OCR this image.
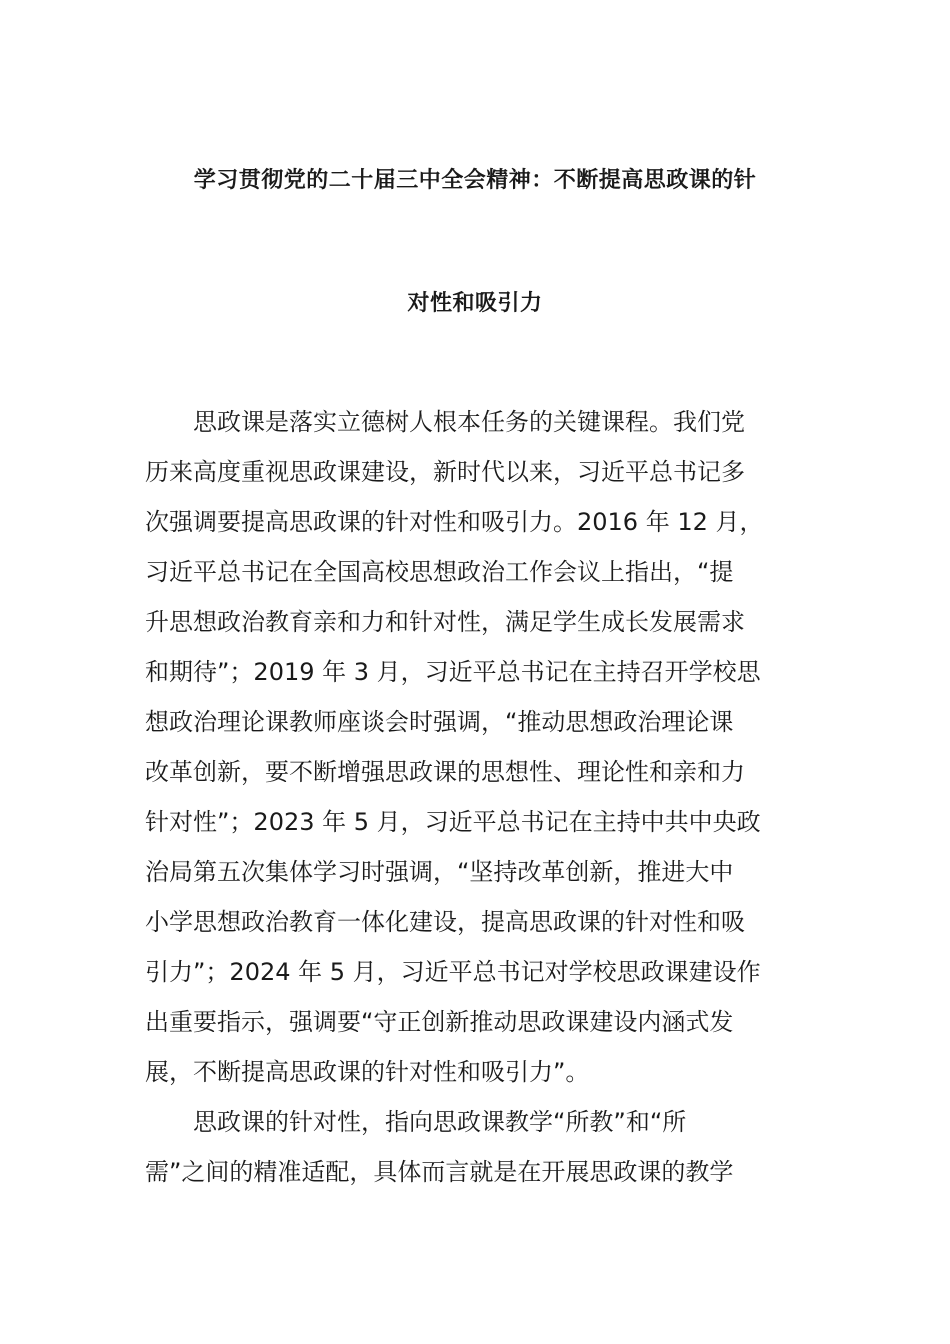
学习贯彻党的二十届三中全会精神：不断提高思政课的针
对性和吸引力
　　思政课是落实立德树人根本任务的关键课程。我们党
历来高度重视思政课建设，新时代以来，习近平总书记多
次强调要提高思政课的针对性和吸引力。2016 年 12 月，
习近平总书记在全国高校思想政治工作会议上指出，“提
升思想政治教育亲和力和针对性，满足学生成长发展需求
和期待”；2019 年 3 月，习近平总书记在主持召开学校思
想政治理论课教师座谈会时强调，“推动思想政治理论课
改革创新，要不断增强思政课的思想性、理论性和亲和力
针对性”；2023 年 5 月，习近平总书记在主持中共中央政
治局第五次集体学习时强调，“坚持改革创新，推进大中
小学思想政治教育一体化建设，提高思政课的针对性和吸
引力”；2024 年 5 月，习近平总书记对学校思政课建设作
出重要指示，强调要“守正创新推动思政课建设内涵式发
展，不断提高思政课的针对性和吸引力”。
　　思政课的针对性，指向思政课教学“所教”和“所
需”之间的精准适配，具体而言就是在开展思政课的教学
